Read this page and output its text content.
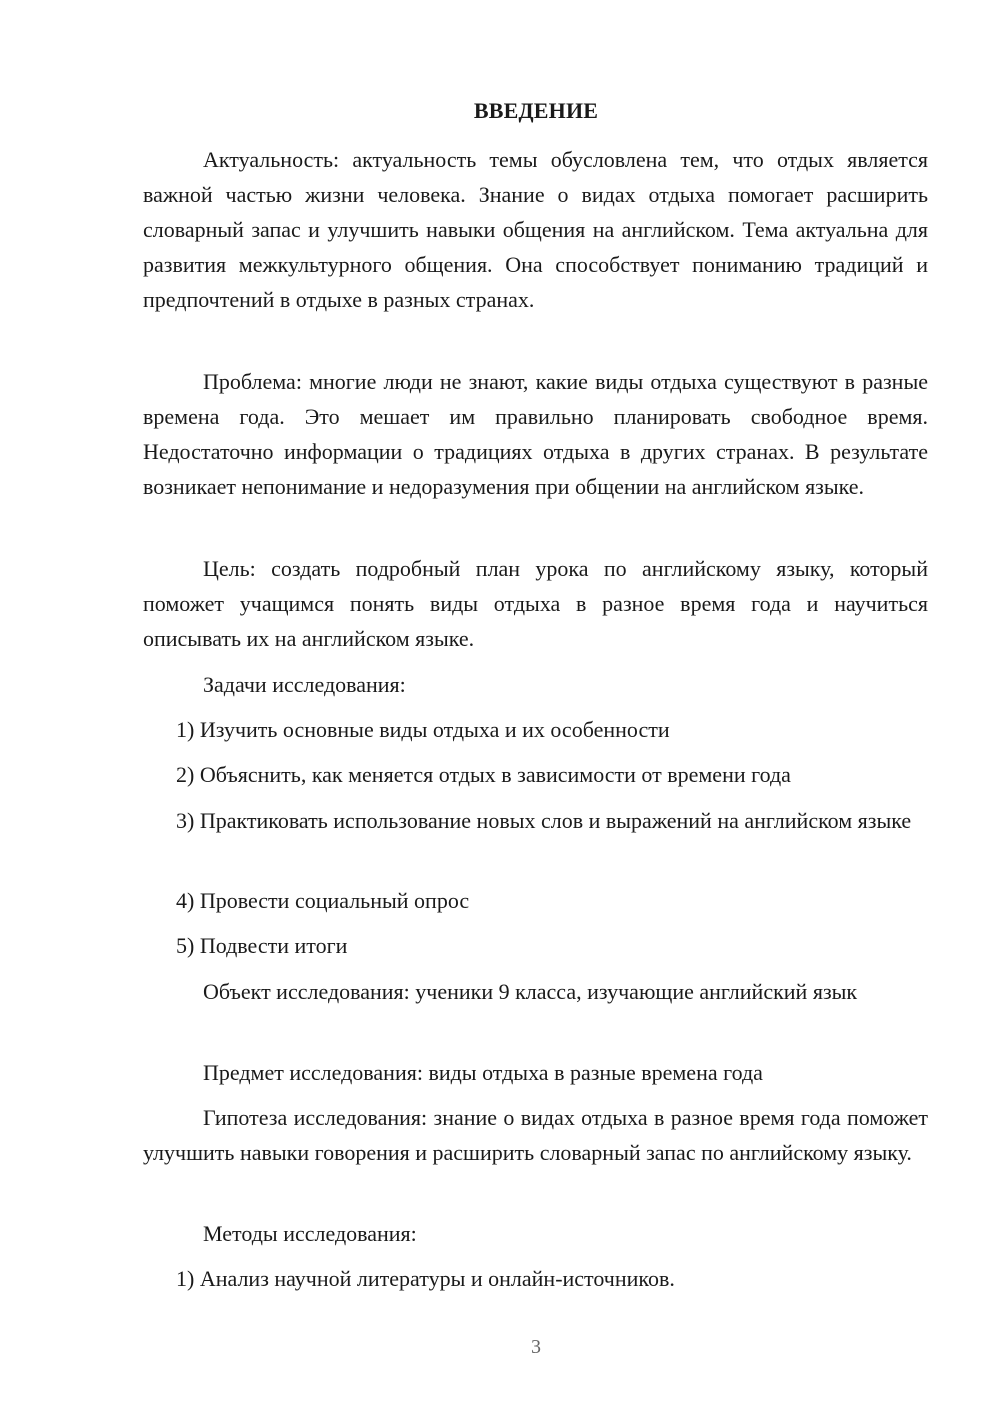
ВВЕДЕНИЕ
Актуальность: актуальность темы обусловлена тем, что отдых является важной частью жизни человека. Знание о видах отдыха помогает расширить словарный запас и улучшить навыки общения на английском. Тема актуальна для развития межкультурного общения. Она способствует пониманию традиций и предпочтений в отдыхе в разных странах.
Проблема: многие люди не знают, какие виды отдыха существуют в разные времена года. Это мешает им правильно планировать свободное время. Недостаточно информации о традициях отдыха в других странах. В результате возникает непонимание и недоразумения при общении на английском языке.
Цель: создать подробный план урока по английскому языку, который поможет учащимся понять виды отдыха в разное время года и научиться описывать их на английском языке.
Задачи исследования:
1) Изучить основные виды отдыха и их особенности
2) Объяснить, как меняется отдых в зависимости от времени года
3) Практиковать использование новых слов и выражений на английском языке
4) Провести социальный опрос
5) Подвести итоги
Объект исследования: ученики 9 класса, изучающие английский язык
Предмет исследования: виды отдыха в разные времена года
Гипотеза исследования: знание о видах отдыха в разное время года поможет улучшить навыки говорения и расширить словарный запас по английскому языку.
Методы исследования:
1) Анализ научной литературы и онлайн-источников.
3
